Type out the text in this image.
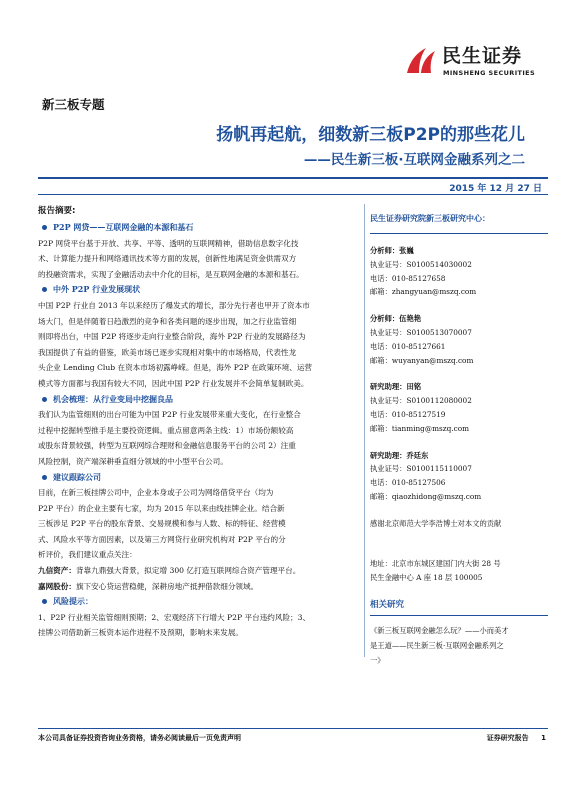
民生证券
MINSHENG SECURITIES
新三板专题
扬帆再起航，细数新三板P2P的那些花儿
——民生新三板·互联网金融系列之二
2015 年 12 月 27 日
报告摘要:
P2P 网贷——互联网金融的本源和基石
P2P 网贷平台基于开放、共享、平等、透明的互联网精神，借助信息数字化技
术、计算能力提升和网络通讯技术等方面的发展，创新性地满足资金供需双方
的投融资需求，实现了金融活动去中介化的目标，是互联网金融的本源和基石。
中外 P2P 行业发展现状
中国 P2P 行业自 2013 年以来经历了爆发式的增长，部分先行者也甲开了资本市
场大门，但是伴随着日趋激烈的竞争和各类问题的逐步出现，加之行业监管细
则即将出台，中国 P2P 将逐步走向行业整合阶段，海外 P2P 行业的发展路径为
我国提供了有益的借鉴，欧美市场已逐步实现相对集中的市场格局，代表性龙
头企业 Lending Club 在资本市场初露峥嵘。但是，海外 P2P 在政策环境、运营
模式等方面都与我国有较大不同，因此中国 P2P 行业发展并不会简单复制欧美。
机会梳理：从行业变局中挖掘良品
我们认为监管细则的出台可能为中国 P2P 行业发展带来重大变化，在行业整合
过程中挖掘转型推手是主要投资逻辑。重点留意两条主线：1）市场份额较高
或股东背景较强，转型为互联网综合理财和金融信息服务平台的公司 2）注重
风险控制，资产端深耕垂直细分领域的中小型平台公司。
建议跟踪公司
目前，在新三板挂牌公司中，企业本身或子公司为网络借贷平台（均为
P2P 平台）的企业主要有七家，均为 2015 年以来由线挂牌企业。结合新
三板涉足 P2P 平台的股东背景、交易规模和参与人数、标的特征、经营模
式、风险水平等方面因素，以及第三方网贷行业研究机构对 P2P 平台的分
析评价，我们建议重点关注：
九信资产：背靠九鼎强大背景，拟定增 300 亿打造互联网综合资产管理平台。
嘉网股份：旗下安心贷运营稳健，深耕房地产抵押借款细分领域。
风险提示：
1、P2P 行业相关监管细则预期；2、宏观经济下行增大 P2P 平台违约风险；3、
挂牌公司借助新三板资本运作进程不及预期，影响未来发展。
民生证券研究院新三板研究中心：
分析师：张巍
执业证号：S0100514030002
电话：010-85127658
邮箱：zhangyuan@mszq.com
分析师：伍艳艳
执业证号：S0100513070007
电话：010-85127661
邮箱：wuyanyan@mszq.com
研究助理：田铭
执业证号：S0100112080002
电话：010-85127519
邮箱：tianming@mszq.com
研究助理：乔廷东
执业证号：S0100115110007
电话：010-85127506
邮箱：qiaozhidong@mszq.com
感谢北京师范大学李浩博士对本文的贡献
地址：北京市东城区建国门内大街 28 号
民生金融中心 A 座 18 层 100005
相关研究
《新三板互联网金融怎么玩？——小而美才
是王道——民生新三板·互联网金融系列之
一》
本公司具备证券投资咨询业务资格，请务必阅读最后一页免责声明	证券研究报告 1
